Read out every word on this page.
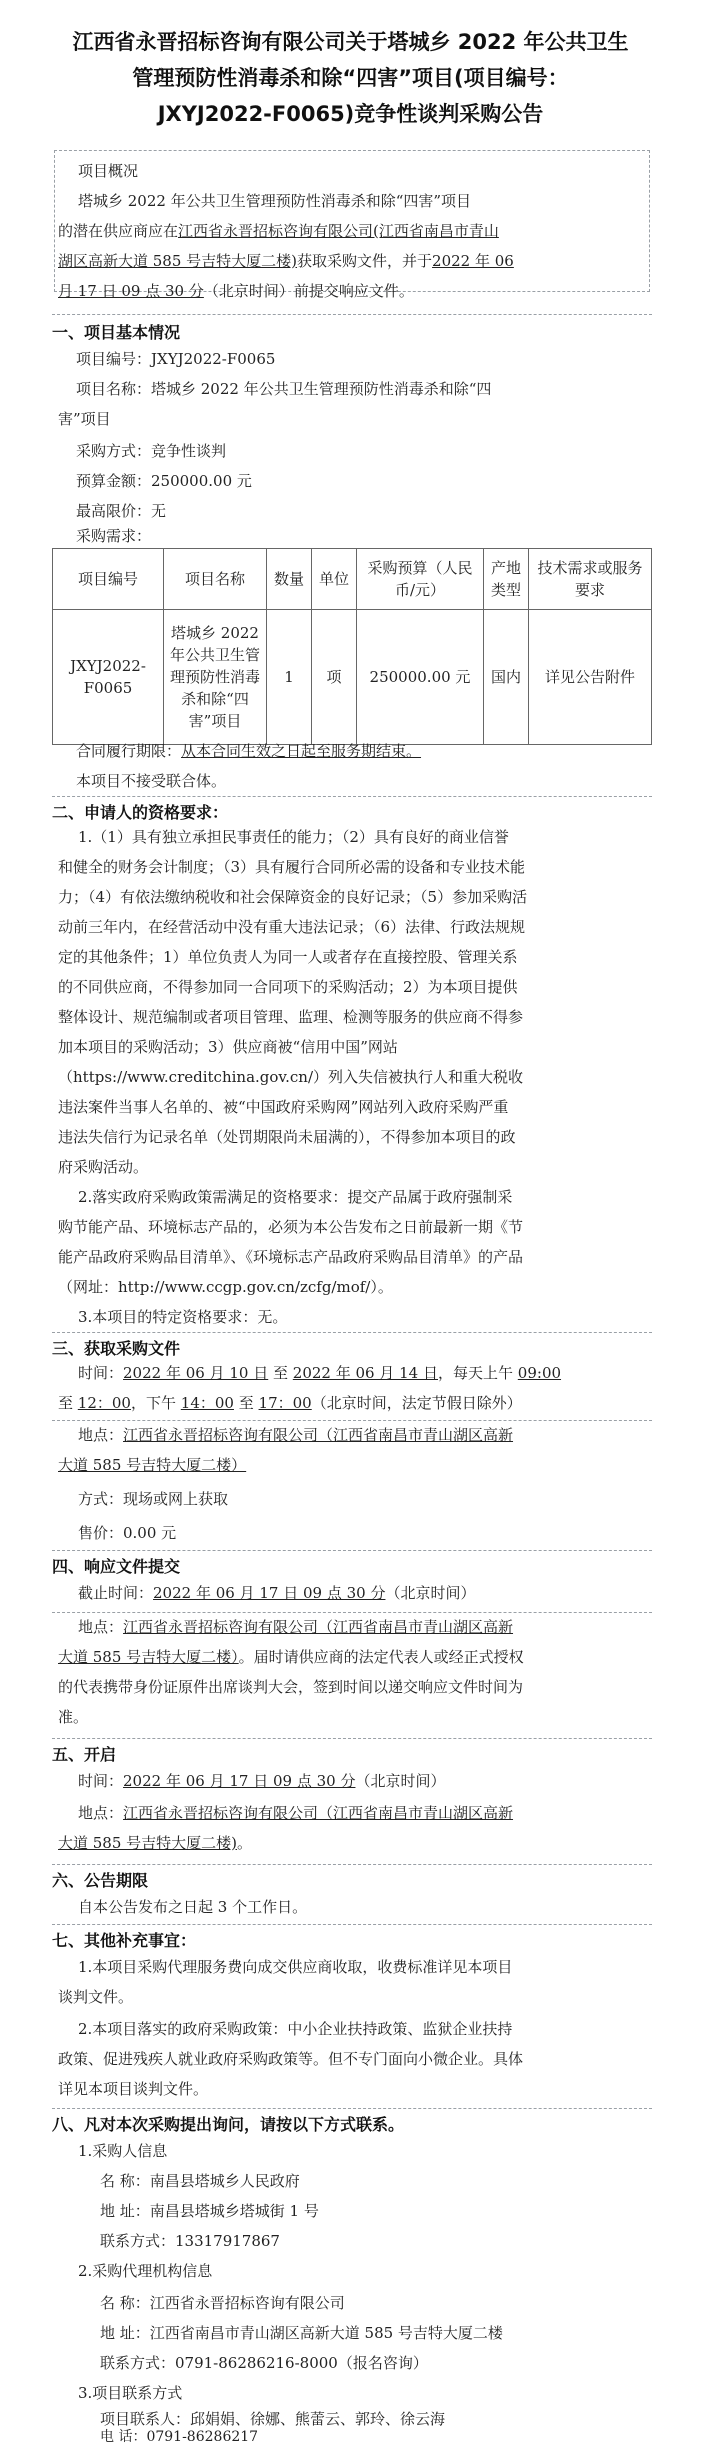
江西省永晋招标咨询有限公司关于塔城乡 2022 年公共卫生
管理预防性消毒杀和除“四害”项目(项目编号：
JXYJ2022-F0065)竞争性谈判采购公告
项目概况
塔城乡 2022 年公共卫生管理预防性消毒杀和除“四害”项目
的潜在供应商应在江西省永晋招标咨询有限公司(江西省南昌市青山
湖区高新大道 585 号吉特大厦二楼)获取采购文件，并于2022 年 06
月 17 日 09 点 30 分（北京时间）前提交响应文件。
一、项目基本情况
项目编号：JXYJ2022-F0065
项目名称：塔城乡 2022 年公共卫生管理预防性消毒杀和除“四
害”项目
采购方式：竞争性谈判
预算金额：250000.00 元
最高限价：无
采购需求：
项目编号	项目名称	数量	单位	采购预算（人民币/元）	产地类型	技术需求或服务要求
JXYJ2022-F0065	塔城乡 2022 年公共卫生管理预防性消毒杀和除“四害”项目	1	项	250000.00 元	国内	详见公告附件
合同履行期限：从本合同生效之日起至服务期结束。
本项目不接受联合体。
二、申请人的资格要求：
1.（1）具有独立承担民事责任的能力；（2）具有良好的商业信誉
和健全的财务会计制度；（3）具有履行合同所必需的设备和专业技术能
力；（4）有依法缴纳税收和社会保障资金的良好记录；（5）参加采购活
动前三年内，在经营活动中没有重大违法记录；（6）法律、行政法规规
定的其他条件；1）单位负责人为同一人或者存在直接控股、管理关系
的不同供应商，不得参加同一合同项下的采购活动；2）为本项目提供
整体设计、规范编制或者项目管理、监理、检测等服务的供应商不得参
加本项目的采购活动；3）供应商被“信用中国”网站
（https://www.creditchina.gov.cn/）列入失信被执行人和重大税收
违法案件当事人名单的、被“中国政府采购网”网站列入政府采购严重
违法失信行为记录名单（处罚期限尚未届满的），不得参加本项目的政
府采购活动。
2.落实政府采购政策需满足的资格要求：提交产品属于政府强制采
购节能产品、环境标志产品的，必须为本公告发布之日前最新一期《节
能产品政府采购品目清单》、《环境标志产品政府采购品目清单》的产品
（网址：http://www.ccgp.gov.cn/zcfg/mof/）。
3.本项目的特定资格要求：无。
三、获取采购文件
时间：2022 年 06 月 10 日 至 2022 年 06 月 14 日，每天上午 09:00
至 12：00，下午 14：00 至 17：00（北京时间，法定节假日除外）
地点：江西省永晋招标咨询有限公司（江西省南昌市青山湖区高新
大道 585 号吉特大厦二楼）
方式：现场或网上获取
售价：0.00 元
四、响应文件提交
截止时间：2022 年 06 月 17 日 09 点 30 分（北京时间）
地点：江西省永晋招标咨询有限公司（江西省南昌市青山湖区高新
大道 585 号吉特大厦二楼）。届时请供应商的法定代表人或经正式授权
的代表携带身份证原件出席谈判大会，签到时间以递交响应文件时间为
准。
五、开启
时间：2022 年 06 月 17 日 09 点 30 分（北京时间）
地点：江西省永晋招标咨询有限公司（江西省南昌市青山湖区高新
大道 585 号吉特大厦二楼)。
六、公告期限
自本公告发布之日起 3 个工作日。
七、其他补充事宜：
1.本项目采购代理服务费向成交供应商收取，收费标准详见本项目
谈判文件。
2.本项目落实的政府采购政策：中小企业扶持政策、监狱企业扶持
政策、促进残疾人就业政府采购政策等。但不专门面向小微企业。具体
详见本项目谈判文件。
八、凡对本次采购提出询问，请按以下方式联系。
1.采购人信息
名 称：南昌县塔城乡人民政府
地 址：南昌县塔城乡塔城街 1 号
联系方式：13317917867
2.采购代理机构信息
名 称：江西省永晋招标咨询有限公司
地 址：江西省南昌市青山湖区高新大道 585 号吉特大厦二楼
联系方式：0791-86286216-8000（报名咨询）
3.项目联系方式
项目联系人：邱娟娟、徐娜、熊蕾云、郭玲、徐云海
电 话：0791-86286217
